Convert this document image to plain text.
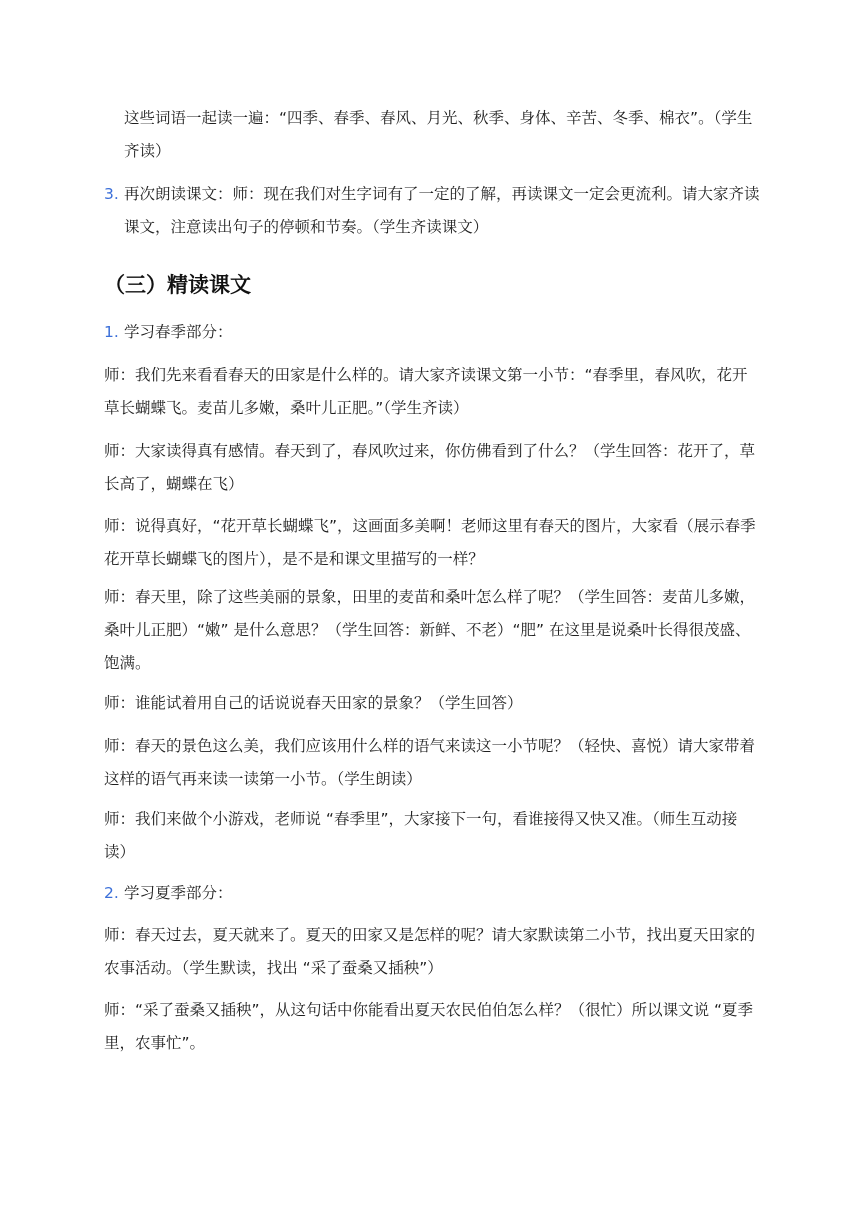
这些词语一起读一遍：“四季、春季、春风、月光、秋季、身体、辛苦、冬季、棉衣”。（学生齐读）
3. 再次朗读课文：师：现在我们对生字词有了一定的了解，再读课文一定会更流利。请大家齐读课文，注意读出句子的停顿和节奏。（学生齐读课文）
（三）精读课文
1. 学习春季部分：
师：我们先来看看春天的田家是什么样的。请大家齐读课文第一小节：“春季里，春风吹，花开草长蝴蝶飞。麦苗儿多嫩，桑叶儿正肥。”（学生齐读）
师：大家读得真有感情。春天到了，春风吹过来，你仿佛看到了什么？（学生回答：花开了，草长高了，蝴蝶在飞）
师：说得真好，“花开草长蝴蝶飞”，这画面多美啊！老师这里有春天的图片，大家看（展示春季花开草长蝴蝶飞的图片），是不是和课文里描写的一样？
师：春天里，除了这些美丽的景象，田里的麦苗和桑叶怎么样了呢？（学生回答：麦苗儿多嫩，桑叶儿正肥）“嫩” 是什么意思？（学生回答：新鲜、不老）“肥” 在这里是说桑叶长得很茂盛、饱满。
师：谁能试着用自己的话说说春天田家的景象？（学生回答）
师：春天的景色这么美，我们应该用什么样的语气来读这一小节呢？（轻快、喜悦）请大家带着这样的语气再来读一读第一小节。（学生朗读）
师：我们来做个小游戏，老师说 “春季里”，大家接下一句，看谁接得又快又准。（师生互动接读）
2. 学习夏季部分：
师：春天过去，夏天就来了。夏天的田家又是怎样的呢？请大家默读第二小节，找出夏天田家的农事活动。（学生默读，找出 “采了蚕桑又插秧”）
师：“采了蚕桑又插秧”，从这句话中你能看出夏天农民伯伯怎么样？（很忙）所以课文说 “夏季里，农事忙”。
